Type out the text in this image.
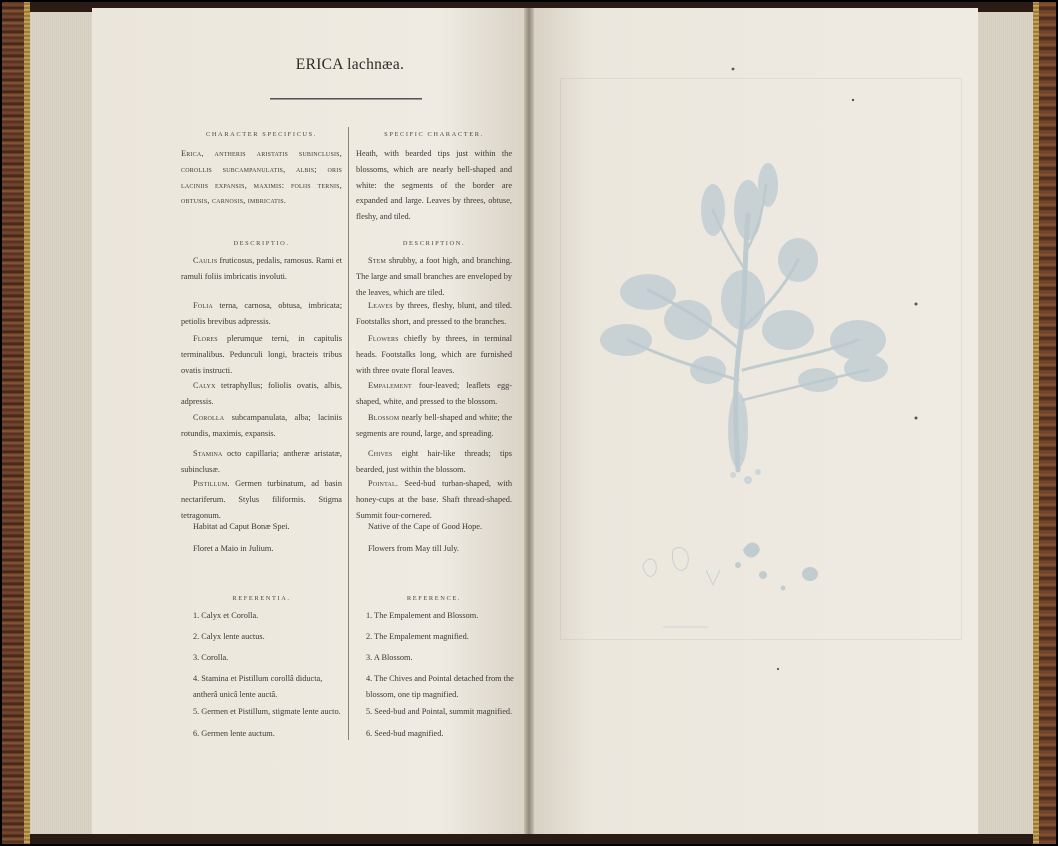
ERICA lachnæa.
CHARACTER SPECIFICUS.
Erica, antheris aristatis subinclusis, corollis subcampanulatis, albis; oris laciniis expansis, maximis: foliis ternis, obtusis, carnosis, imbricatis.
DESCRIPTIO.
Caulis fruticosus, pedalis, ramosus. Rami et ramuli foliis imbricatis involuti.
Folia terna, carnosa, obtusa, imbricata; petiolis brevibus adpressis.
Flores plerumque terni, in capitulis terminalibus. Pedunculi longi, bracteis tribus ovatis instructi.
Calyx tetraphyllus; foliolis ovatis, albis, adpressis.
Corolla subcampanulata, alba; laciniis rotundis, maximis, expansis.
Stamina octo capillaria; antheræ aristatæ, subinclusæ.
Pistillum. Germen turbinatum, ad basin nectariferum. Stylus filiformis. Stigma tetragonum.
Habitat ad Caput Bonæ Spei.
Floret a Maio in Julium.
REFERENTIA.
1. Calyx et Corolla.
2. Calyx lente auctus.
3. Corolla.
4. Stamina et Pistillum corollâ diducta, antherâ unicâ lente auctâ.
5. Germen et Pistillum, stigmate lente aucto.
6. Germen lente auctum.
SPECIFIC CHARACTER.
Heath, with bearded tips just within the blossoms, which are nearly bell-shaped and white: the segments of the border are expanded and large. Leaves by threes, obtuse, fleshy, and tiled.
DESCRIPTION.
Stem shrubby, a foot high, and branching. The large and small branches are enveloped by the leaves, which are tiled.
Leaves by threes, fleshy, blunt, and tiled. Footstalks short, and pressed to the branches.
Flowers chiefly by threes, in terminal heads. Footstalks long, which are furnished with three ovate floral leaves.
Empalement four-leaved; leaflets egg-shaped, white, and pressed to the blossom.
Blossom nearly bell-shaped and white; the segments are round, large, and spreading.
Chives eight hair-like threads; tips bearded, just within the blossom.
Pointal. Seed-bud turban-shaped, with honey-cups at the base. Shaft thread-shaped. Summit four-cornered.
Native of the Cape of Good Hope.
Flowers from May till July.
REFERENCE.
1. The Empalement and Blossom.
2. The Empalement magnified.
3. A Blossom.
4. The Chives and Pointal detached from the blossom, one tip magnified.
5. Seed-bud and Pointal, summit magnified.
6. Seed-bud magnified.
